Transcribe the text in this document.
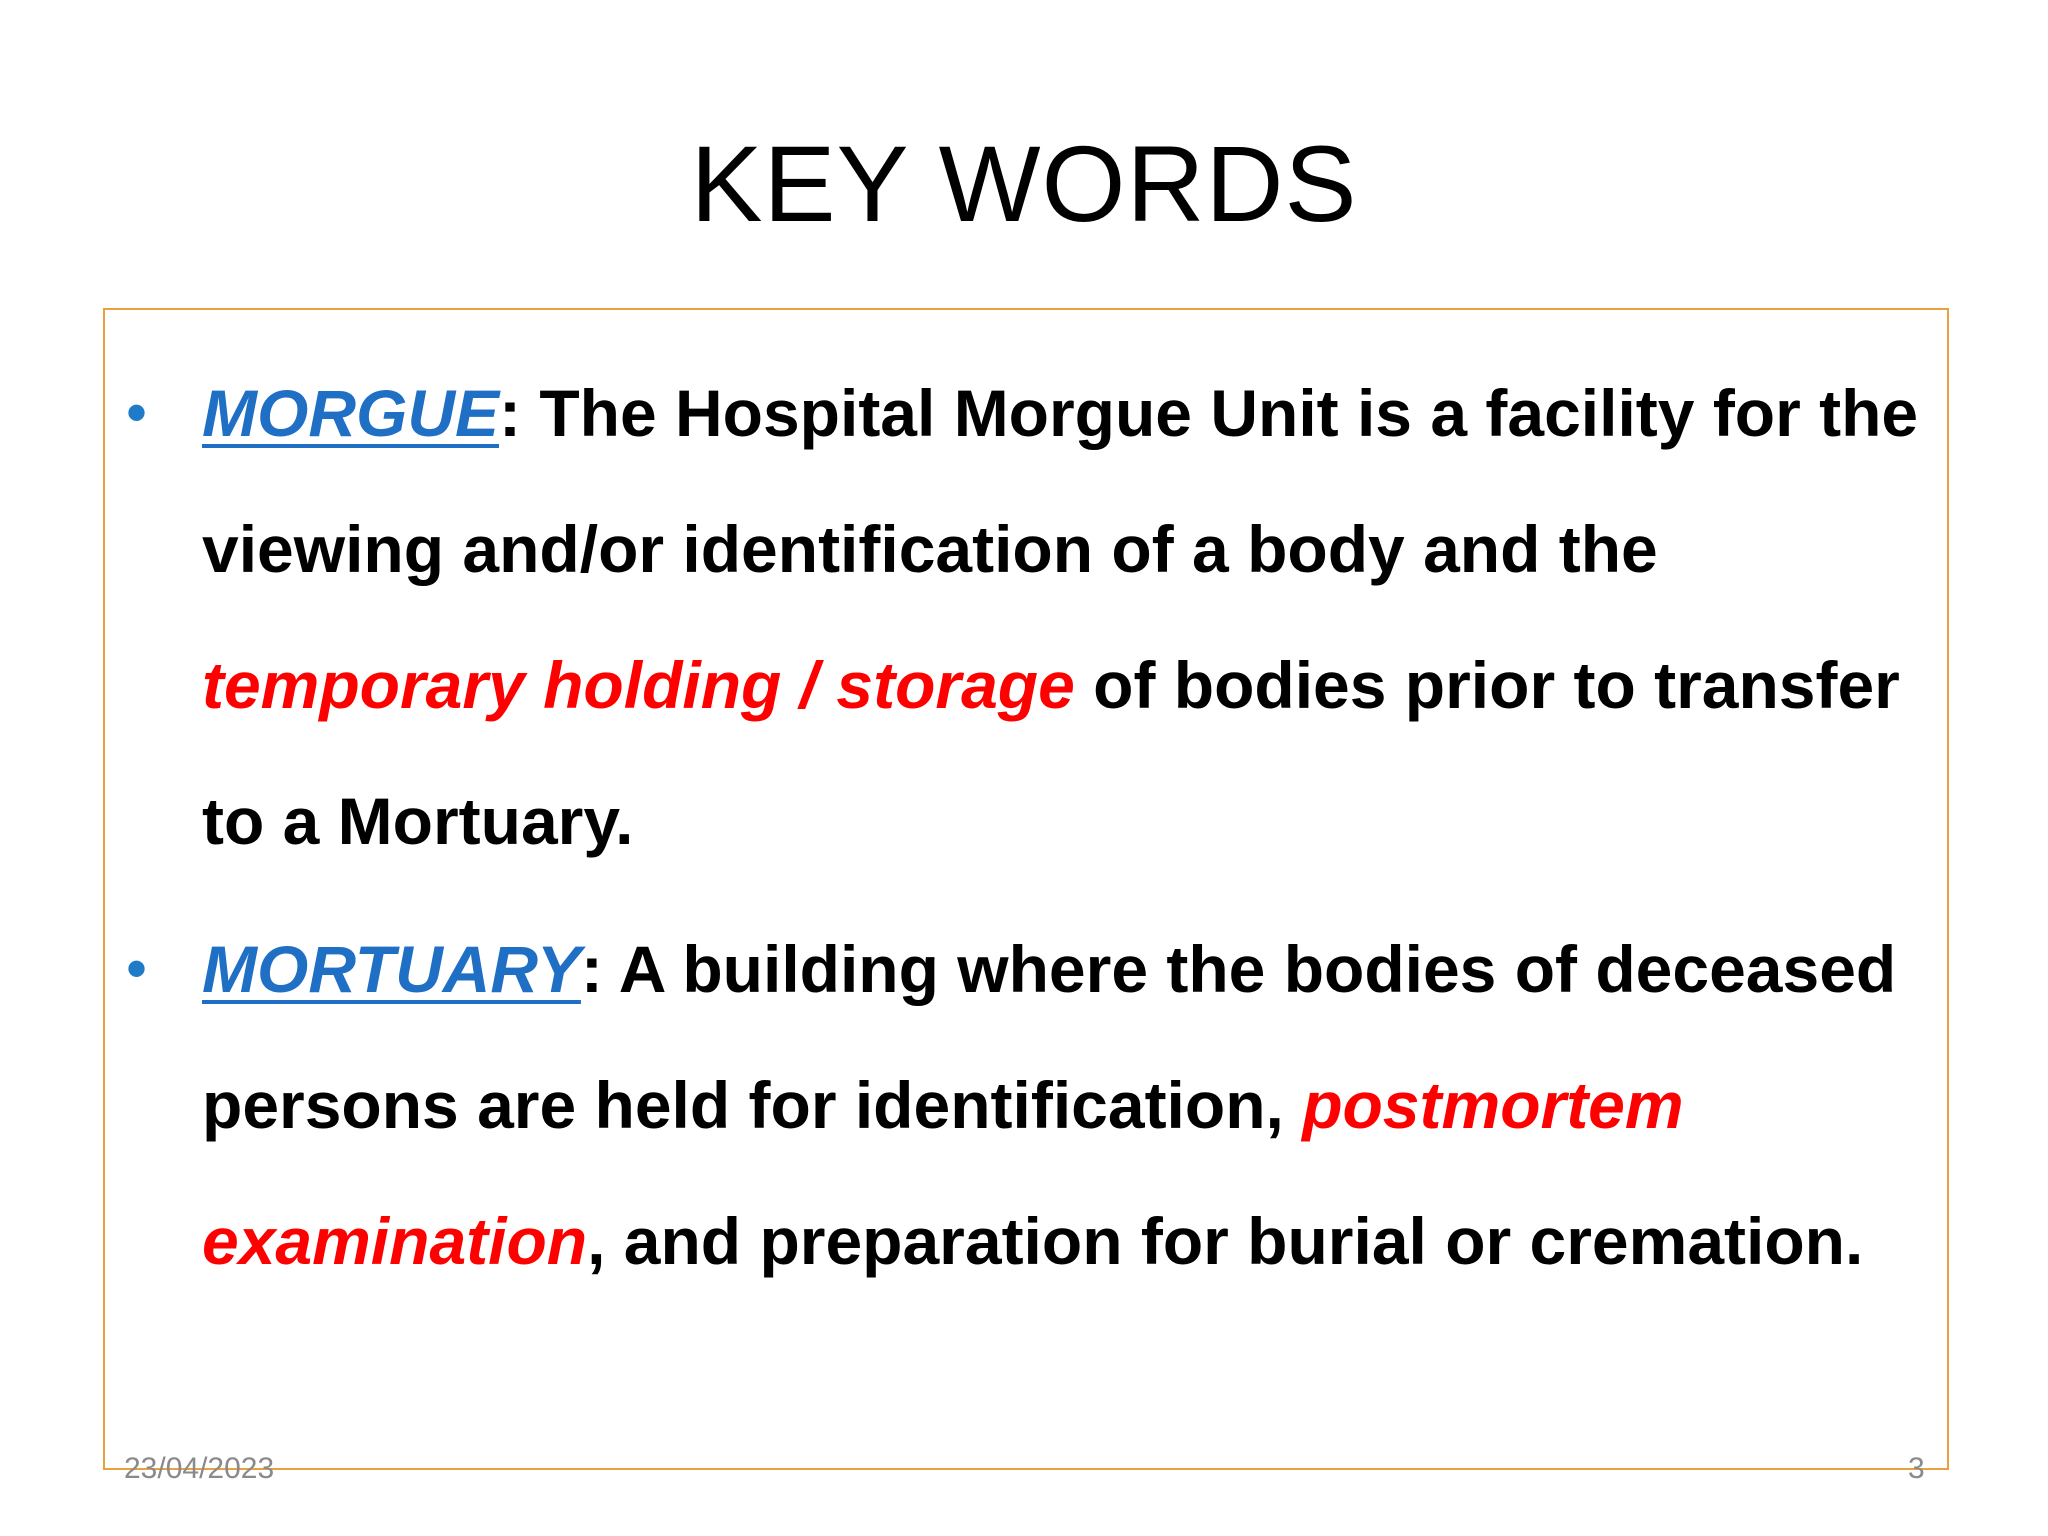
KEY WORDS
• MORGUE: The Hospital Morgue Unit is a facility for the viewing and/or identification of a body and the temporary holding / storage of bodies prior to transfer to a Mortuary.
• MORTUARY: A building where the bodies of deceased persons are held for identification, postmortem examination, and preparation for burial or cremation.
23/04/2023	3
